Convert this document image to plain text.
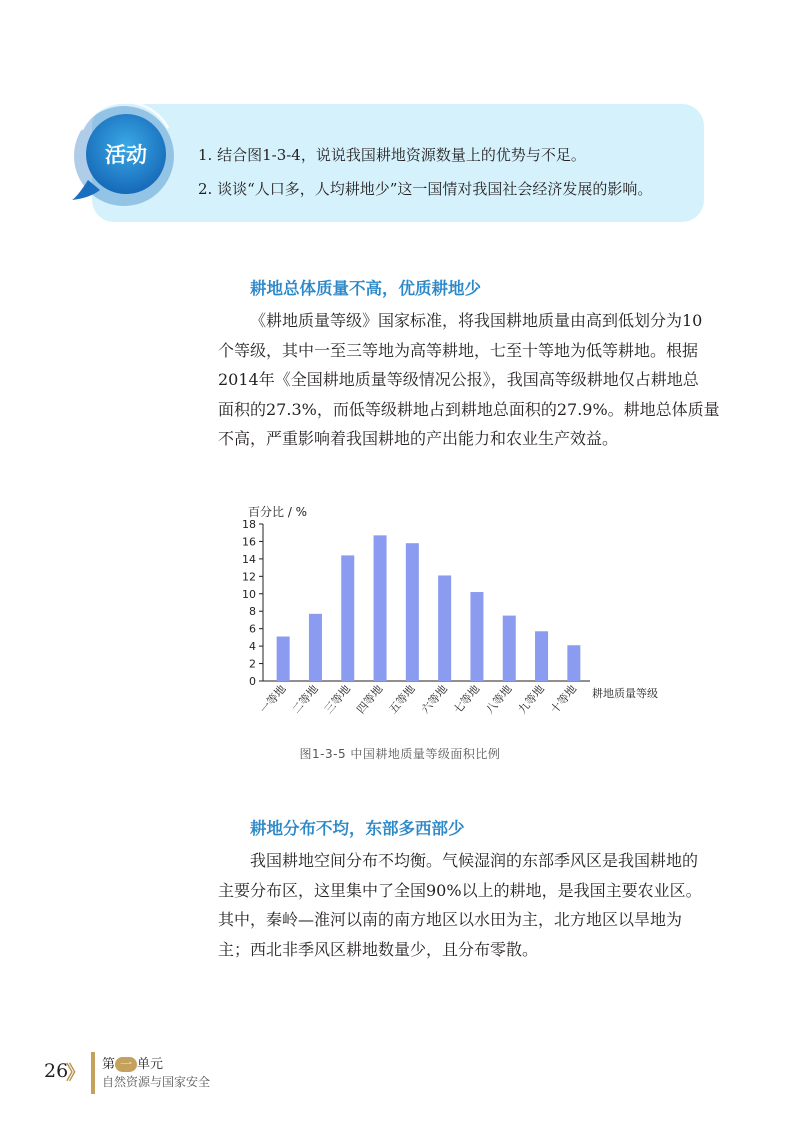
活动	1. 结合图1-3-4，说说我国耕地资源数量上的优势与不足。
2. 谈谈“人口多，人均耕地少”这一国情对我国社会经济发展的影响。
耕地总体质量不高，优质耕地少
《耕地质量等级》国家标准，将我国耕地质量由高到低划分为10
个等级，其中一至三等地为高等耕地，七至十等地为低等耕地。根据
2014年《全国耕地质量等级情况公报》，我国高等级耕地仅占耕地总
面积的27.3%，而低等级耕地占到耕地总面积的27.9%。耕地总体质量
不高，严重影响着我国耕地的产出能力和农业生产效益。
百分比 / %
耕地质量等级
0
2
4
6
8
10
12
14
16
18
一等地 二等地 三等地 四等地 五等地 六等地 七等地 八等地 九等地 十等地
图1-3-5 中国耕地质量等级面积比例
耕地分布不均，东部多西部少
我国耕地空间分布不均衡。气候湿润的东部季风区是我国耕地的
主要分布区，这里集中了全国90%以上的耕地，是我国主要农业区。
其中，秦岭—淮河以南的南方地区以水田为主，北方地区以旱地为
主；西北非季风区耕地数量少，且分布零散。
26
》 第 一 单元
自然资源与国家安全
